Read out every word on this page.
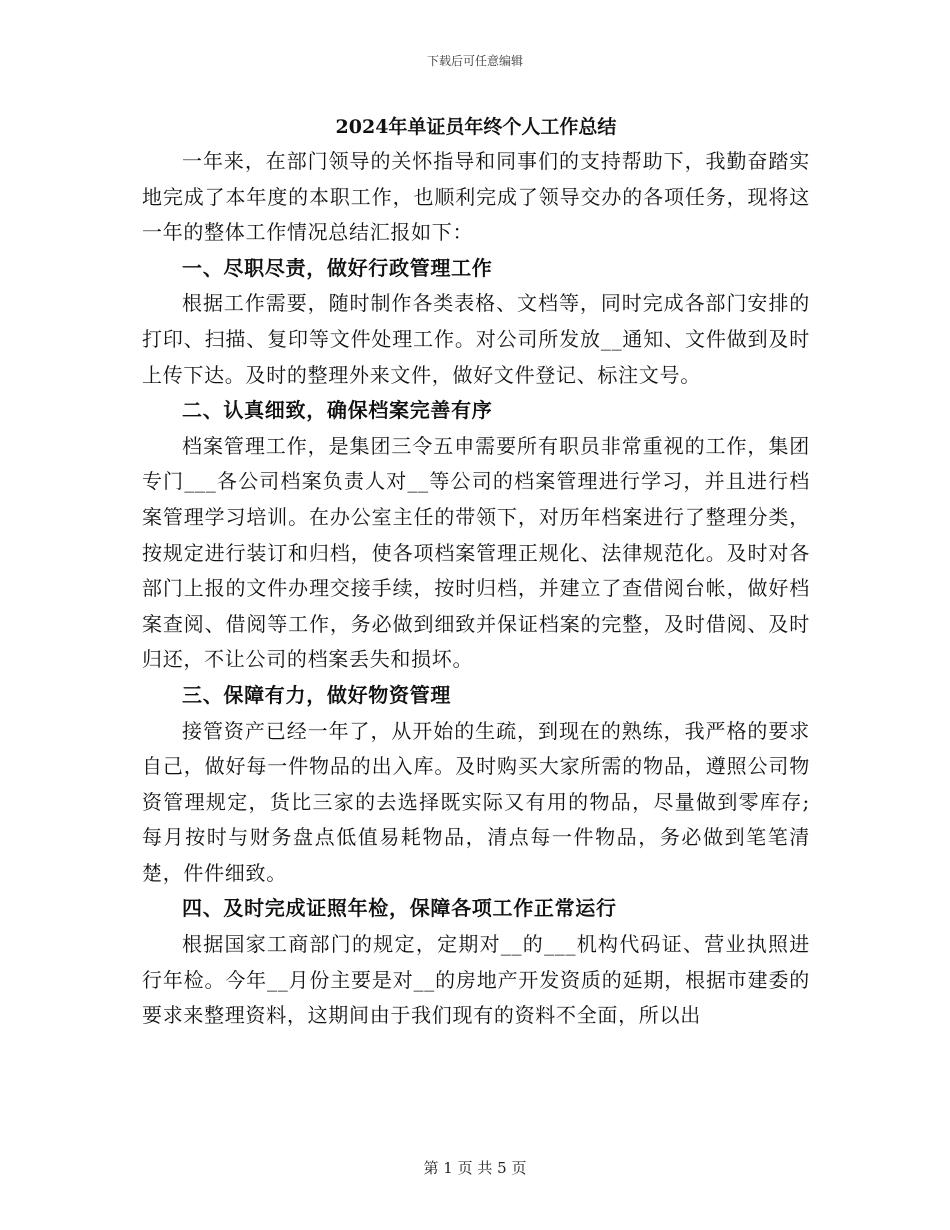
下载后可任意编辑
2024年单证员年终个人工作总结

一年来，在部门领导的关怀指导和同事们的支持帮助下，我勤奋踏实地完成了本年度的本职工作，也顺利完成了领导交办的各项任务，现将这一年的整体工作情况总结汇报如下：

一、尽职尽责，做好行政管理工作

根据工作需要，随时制作各类表格、文档等，同时完成各部门安排的打印、扫描、复印等文件处理工作。对公司所发放__通知、文件做到及时上传下达。及时的整理外来文件，做好文件登记、标注文号。

二、认真细致，确保档案完善有序

档案管理工作，是集团三令五申需要所有职员非常重视的工作，集团专门___各公司档案负责人对__等公司的档案管理进行学习，并且进行档案管理学习培训。在办公室主任的带领下，对历年档案进行了整理分类，按规定进行装订和归档，使各项档案管理正规化、法律规范化。及时对各部门上报的文件办理交接手续，按时归档，并建立了查借阅台帐，做好档案查阅、借阅等工作，务必做到细致并保证档案的完整，及时借阅、及时归还，不让公司的档案丢失和损坏。

三、保障有力，做好物资管理

接管资产已经一年了，从开始的生疏，到现在的熟练，我严格的要求自己，做好每一件物品的出入库。及时购买大家所需的物品，遵照公司物资管理规定，货比三家的去选择既实际又有用的物品，尽量做到零库存;每月按时与财务盘点低值易耗物品，清点每一件物品，务必做到笔笔清楚，件件细致。

四、及时完成证照年检，保障各项工作正常运行

根据国家工商部门的规定，定期对__的___机构代码证、营业执照进行年检。今年__月份主要是对__的房地产开发资质的延期，根据市建委的要求来整理资料，这期间由于我们现有的资料不全面，所以出

第 1 页 共 5 页
